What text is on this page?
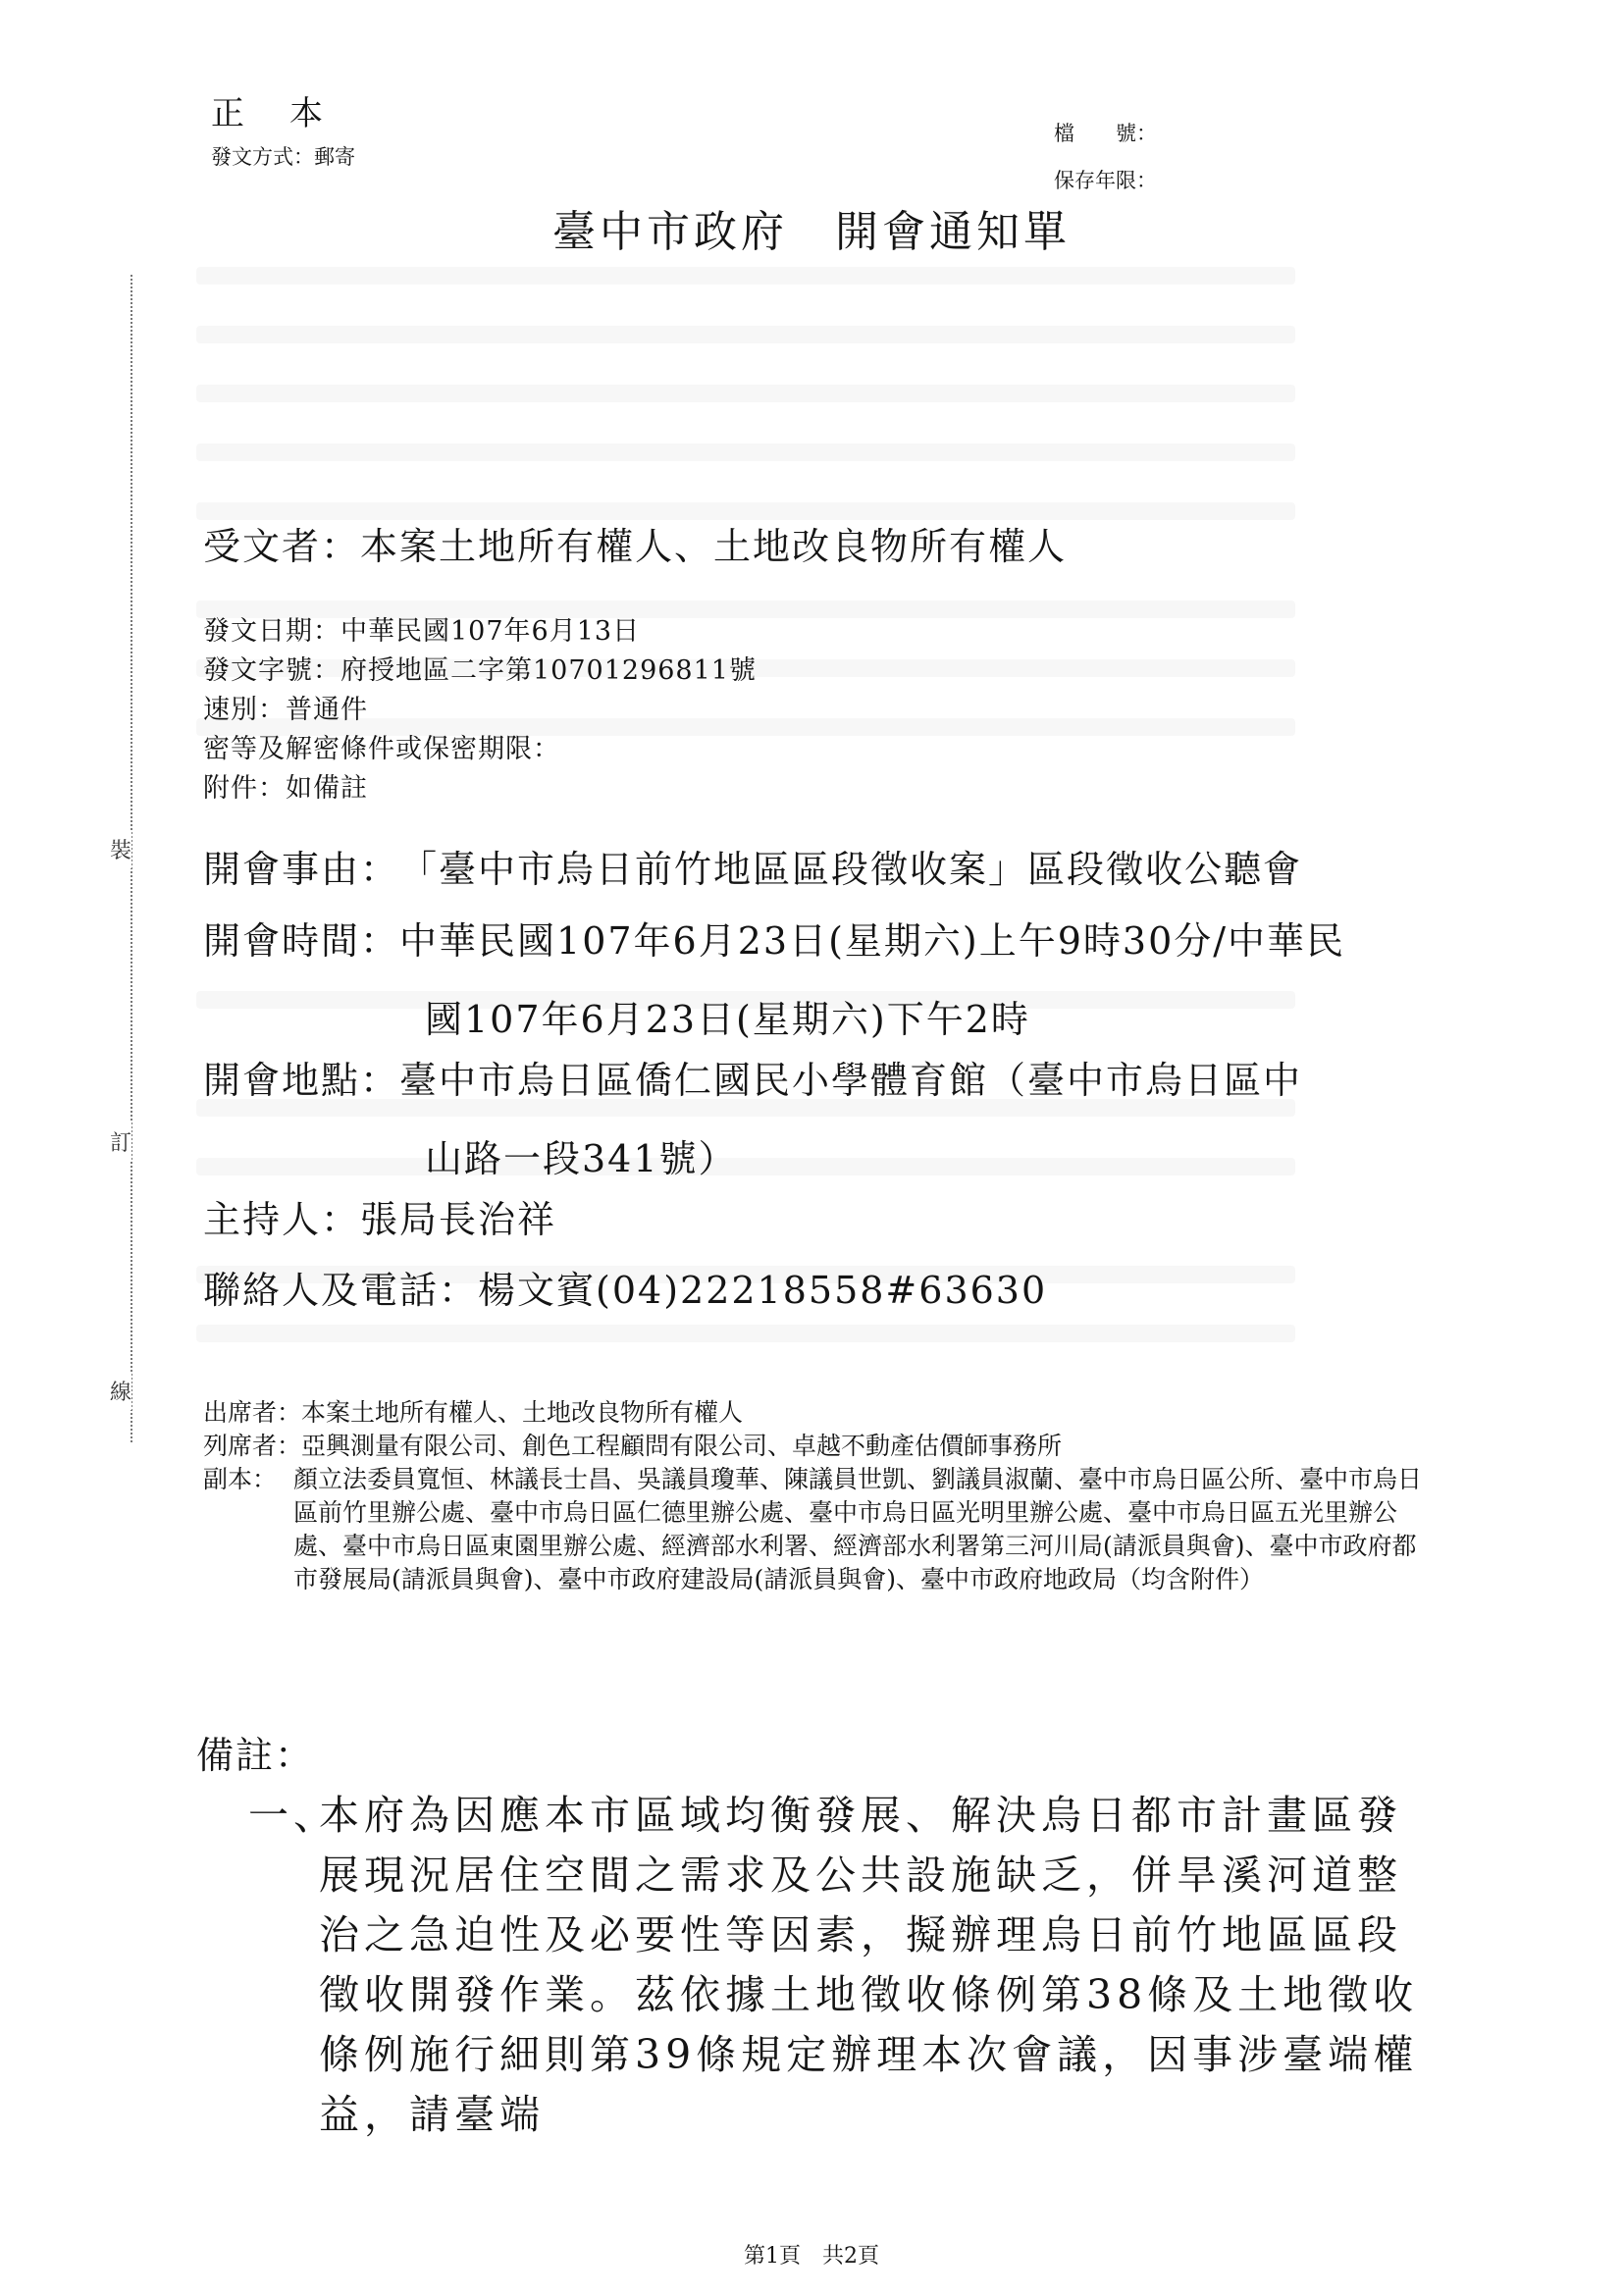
正　本
發文方式：郵寄
檔　　號：
保存年限：
臺中市政府　 開會通知單
受文者：本案土地所有權人、土地改良物所有權人
發文日期：中華民國107年6月13日
發文字號：府授地區二字第10701296811號
速別：普通件
密等及解密條件或保密期限：
附件：如備註
裝
訂
線
開會事由：「臺中市烏日前竹地區區段徵收案」區段徵收公聽會
開會時間：中華民國107年6月23日(星期六)上午9時30分/中華民
國107年6月23日(星期六)下午2時
開會地點：臺中市烏日區僑仁國民小學體育館（臺中市烏日區中
山路一段341號）
主持人：張局長治祥
聯絡人及電話：楊文賓(04)22218558#63630
出席者：本案土地所有權人、土地改良物所有權人
列席者：亞興測量有限公司、創色工程顧問有限公司、卓越不動產估價師事務所
副本： 顏立法委員寬恒、林議長士昌、吳議員瓊華、陳議員世凱、劉議員淑蘭、臺中市烏日區公所、臺中市烏日區前竹里辦公處、臺中市烏日區仁德里辦公處、臺中市烏日區光明里辦公處、臺中市烏日區五光里辦公處、臺中市烏日區東園里辦公處、經濟部水利署、經濟部水利署第三河川局(請派員與會)、臺中市政府都市發展局(請派員與會)、臺中市政府建設局(請派員與會)、臺中市政府地政局（均含附件）
備註：
一、
本府為因應本市區域均衡發展、解決烏日都市計畫區發展現況居住空間之需求及公共設施缺乏，併旱溪河道整治之急迫性及必要性等因素，擬辦理烏日前竹地區區段徵收開發作業。茲依據土地徵收條例第38條及土地徵收條例施行細則第39條規定辦理本次會議，因事涉臺端權益，請臺端
第1頁　共2頁
